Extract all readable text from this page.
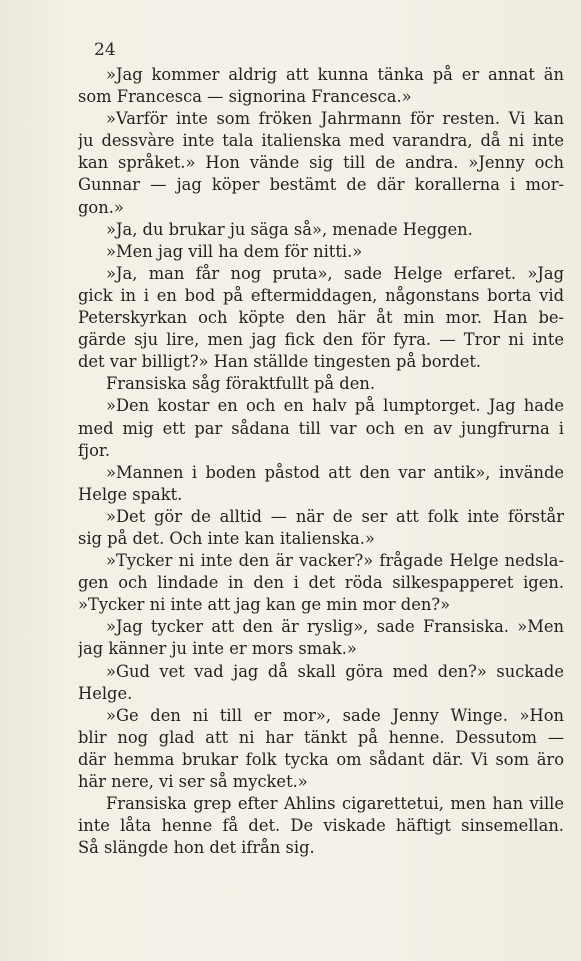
24
»Jag kommer aldrig att kunna tänka på er annat än
som Francesca — signorina Francesca.»
»Varför inte som fröken Jahrmann för resten. Vi kan
ju dessvàre inte tala italienska med varandra, då ni inte
kan språket.» Hon vände sig till de andra. »Jenny och
Gunnar — jag köper bestämt de där korallerna i mor-
gon.»
»Ja, du brukar ju säga så», menade Heggen.
»Men jag vill ha dem för nitti.»
»Ja, man får nog pruta», sade Helge erfaret. »Jag
gick in i en bod på eftermiddagen, någonstans borta vid
Peterskyrkan och köpte den här åt min mor. Han be-
gärde sju lire, men jag fick den för fyra. — Tror ni inte
det var billigt?» Han ställde tingesten på bordet.
Fransiska såg föraktfullt på den.
»Den kostar en och en halv på lumptorget. Jag hade
med mig ett par sådana till var och en av jungfrurna i
fjor.
»Mannen i boden påstod att den var antik», invände
Helge spakt.
»Det gör de alltid — när de ser att folk inte förstår
sig på det. Och inte kan italienska.»
»Tycker ni inte den är vacker?» frågade Helge nedsla-
gen och lindade in den i det röda silkespapperet igen.
»Tycker ni inte att jag kan ge min mor den?»
»Jag tycker att den är ryslig», sade Fransiska. »Men
jag känner ju inte er mors smak.»
»Gud vet vad jag då skall göra med den?» suckade
Helge.
»Ge den ni till er mor», sade Jenny Winge. »Hon
blir nog glad att ni har tänkt på henne. Dessutom —
där hemma brukar folk tycka om sådant där. Vi som äro
här nere, vi ser så mycket.»
Fransiska grep efter Ahlins cigarettetui, men han ville
inte låta henne få det. De viskade häftigt sinsemellan.
Så slängde hon det ifrån sig.
